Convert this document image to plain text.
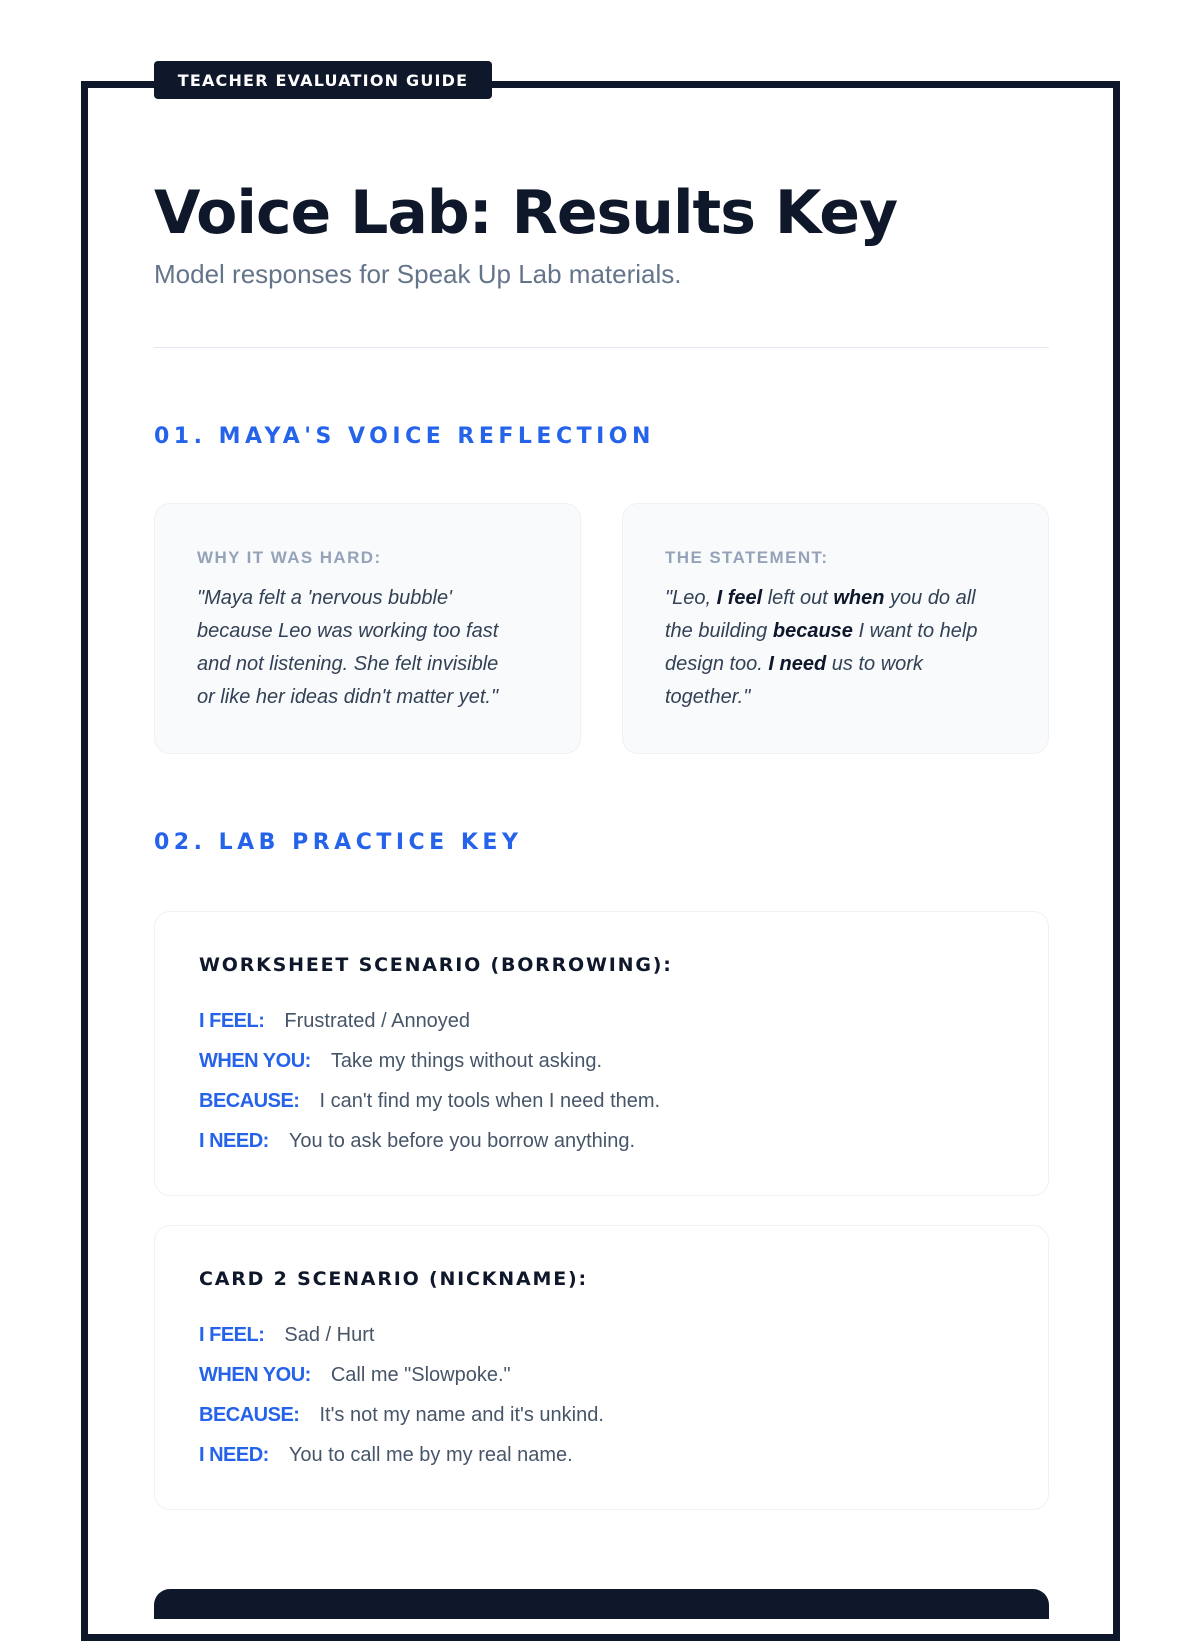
TEACHER EVALUATION GUIDE
Voice Lab: Results Key
Model responses for Speak Up Lab materials.
01. MAYA'S VOICE REFLECTION
WHY IT WAS HARD:
"Maya felt a 'nervous bubble'
because Leo was working too fast
and not listening. She felt invisible
or like her ideas didn't matter yet."
THE STATEMENT:
"Leo, I feel left out when you do all
the building because I want to help
design too. I need us to work
together."
02. LAB PRACTICE KEY
WORKSHEET SCENARIO (BORROWING):
I FEEL: Frustrated / Annoyed
WHEN YOU: Take my things without asking.
BECAUSE: I can't find my tools when I need them.
I NEED: You to ask before you borrow anything.
CARD 2 SCENARIO (NICKNAME):
I FEEL: Sad / Hurt
WHEN YOU: Call me "Slowpoke."
BECAUSE: It's not my name and it's unkind.
I NEED: You to call me by my real name.
